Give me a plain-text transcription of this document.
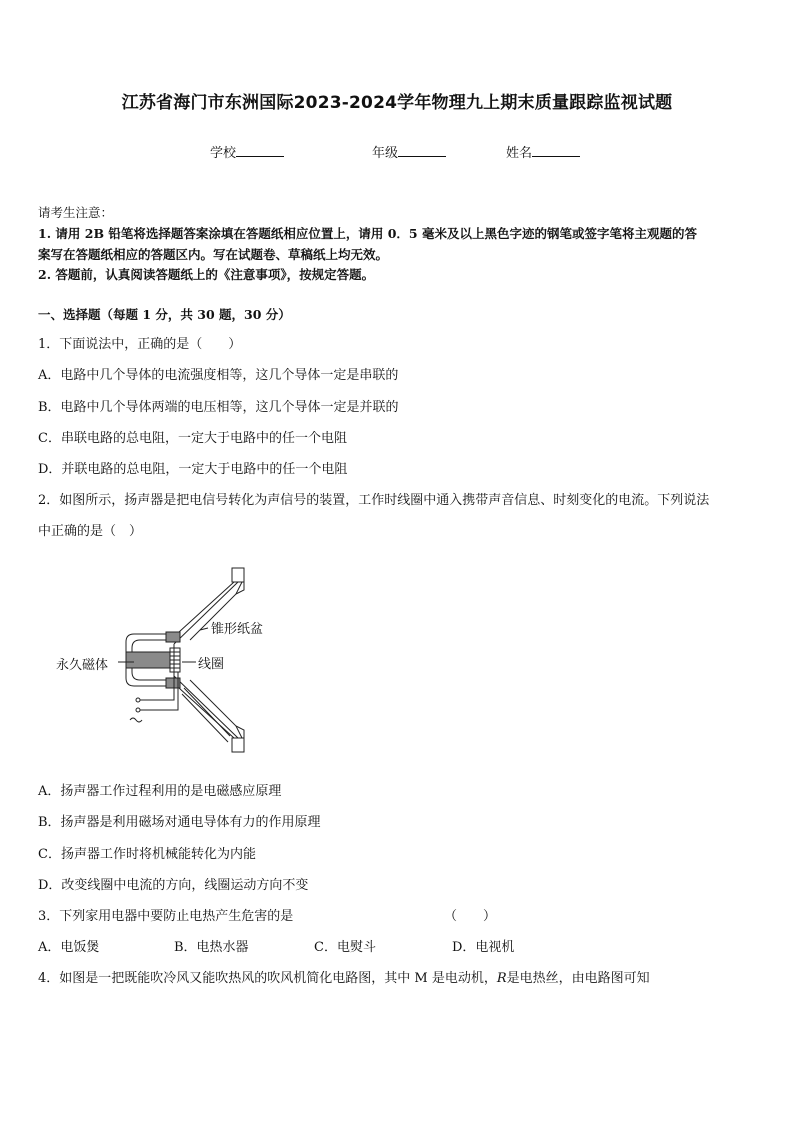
江苏省海门市东洲国际2023-2024学年物理九上期末质量跟踪监视试题
学校	年级	姓名
请考生注意：
1. 请用 2B 铅笔将选择题答案涂填在答题纸相应位置上，请用 0．5 毫米及以上黑色字迹的钢笔或签字笔将主观题的答
案写在答题纸相应的答题区内。写在试题卷、草稿纸上均无效。
2. 答题前，认真阅读答题纸上的《注意事项》，按规定答题。
一、选择题（每题 1 分，共 30 题，30 分）
1．下面说法中，正确的是（　　）
A．电路中几个导体的电流强度相等，这几个导体一定是串联的
B．电路中几个导体两端的电压相等，这几个导体一定是并联的
C．串联电路的总电阻，一定大于电路中的任一个电阻
D．并联电路的总电阻，一定大于电路中的任一个电阻
2．如图所示，扬声器是把电信号转化为声信号的装置，工作时线圈中通入携带声音信息、时刻变化的电流。下列说法
中正确的是（　）
锥形纸盆
永久磁体	线圈
A．扬声器工作过程利用的是电磁感应原理
B．扬声器是利用磁场对通电导体有力的作用原理
C．扬声器工作时将机械能转化为内能
D．改变线圈中电流的方向，线圈运动方向不变
3．下列家用电器中要防止电热产生危害的是	（　　）
A．电饭煲	B．电热水器	C．电熨斗	D．电视机
4．如图是一把既能吹冷风又能吹热风的吹风机简化电路图，其中 M 是电动机，R是电热丝，由电路图可知
